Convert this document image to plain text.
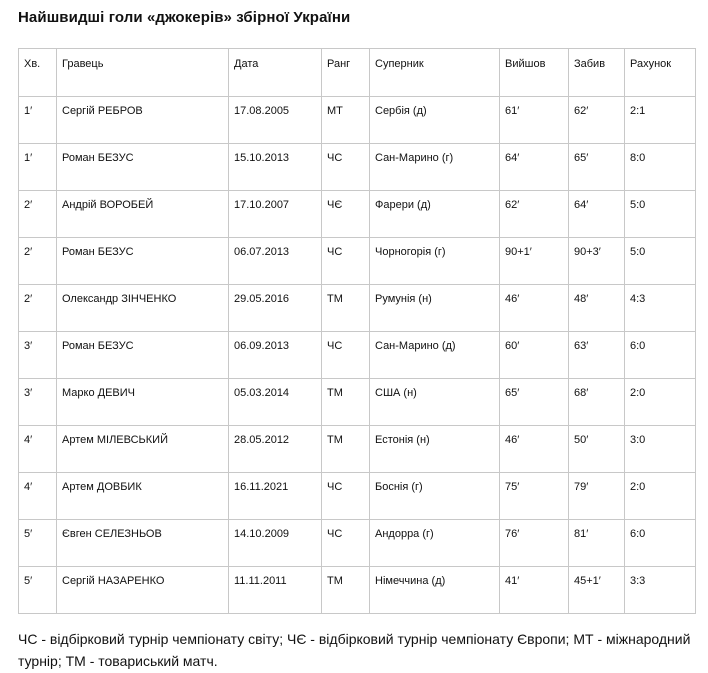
Найшвидші голи «джокерів» збірної України
Хв.	Гравець	Дата	Ранг	Суперник	Вийшов	Забив	Рахунок
1′	Сергій РЕБРОВ	17.08.2005	МТ	Сербія (д)	61′	62′	2:1
1′	Роман БЕЗУС	15.10.2013	ЧС	Сан-Марино (г)	64′	65′	8:0
2′	Андрій ВОРОБЕЙ	17.10.2007	ЧЄ	Фарери (д)	62′	64′	5:0
2′	Роман БЕЗУС	06.07.2013	ЧС	Чорногорія (г)	90+1′	90+3′	5:0
2′	Олександр ЗІНЧЕНКО	29.05.2016	ТМ	Румунія (н)	46′	48′	4:3
3′	Роман БЕЗУС	06.09.2013	ЧС	Сан-Марино (д)	60′	63′	6:0
3′	Марко ДЕВИЧ	05.03.2014	ТМ	США (н)	65′	68′	2:0
4′	Артем МІЛЕВСЬКИЙ	28.05.2012	ТМ	Естонія (н)	46′	50′	3:0
4′	Артем ДОВБИК	16.11.2021	ЧС	Боснія (г)	75′	79′	2:0
5′	Євген СЕЛЕЗНЬОВ	14.10.2009	ЧС	Андорра (г)	76′	81′	6:0
5′	Сергій НАЗАРЕНКО	11.11.2011	ТМ	Німеччина (д)	41′	45+1′	3:3

ЧС - відбірковий турнір чемпіонату світу; ЧЄ - відбірковий турнір чемпіонату Європи; МТ - міжнародний турнір; ТМ - товариський матч.
